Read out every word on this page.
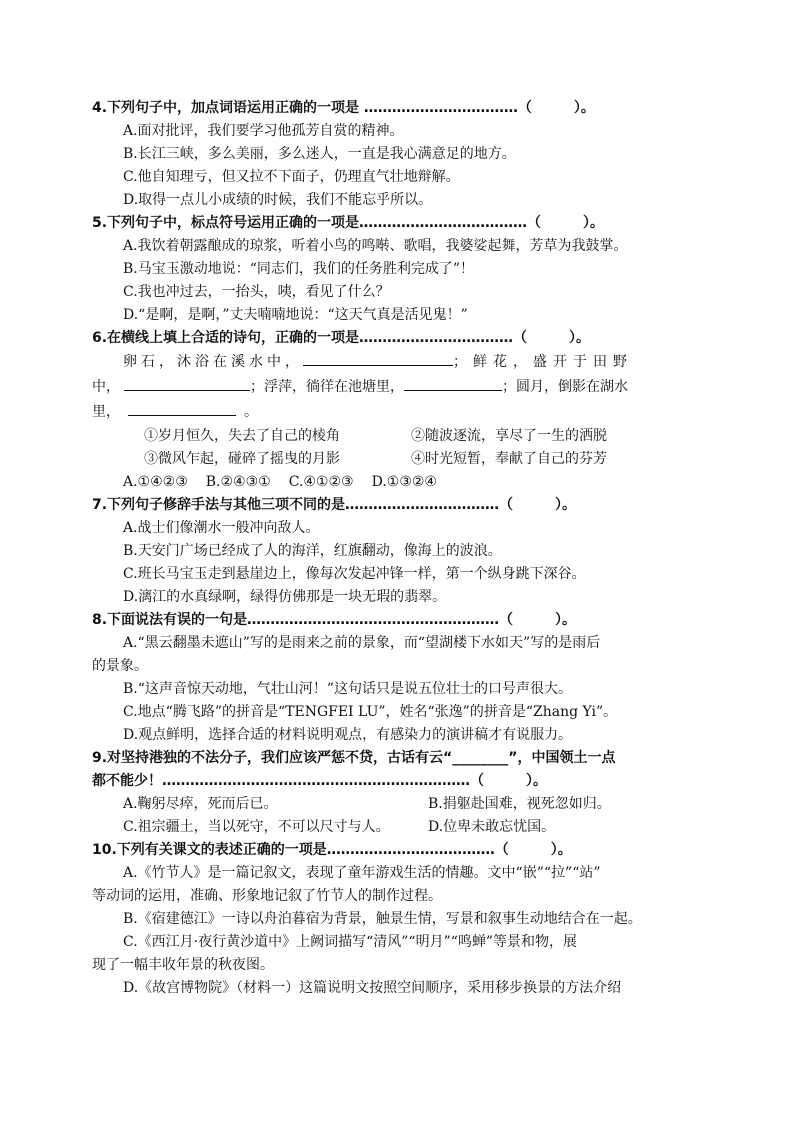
4.下列句子中，加点词语运用正确的一项是 ……………………………（　　　）。
A.面对批评，我们要学习他孤芳自赏的精神。
B.长江三峡，多么美丽，多么迷人，一直是我心满意足的地方。
C.他自知理亏，但又拉不下面子，仍理直气壮地辩解。
D.取得一点儿小成绩的时候，我们不能忘乎所以。
5.下列句子中，标点符号运用正确的一项是………………………………（　　　）。
A.我饮着朝露酿成的琼浆，听着小鸟的鸣啭、歌唱，我婆娑起舞，芳草为我鼓掌。
B.马宝玉激动地说：“同志们，我们的任务胜利完成了”！
C.我也冲过去，一抬头，咦，看见了什么？
D.“是啊，是啊，”丈夫喃喃地说：“这天气真是活见鬼！”
6.在横线上填上合适的诗句，正确的一项是……………………………（　　　）。
卵石，沐浴在溪水中，	；鲜花，盛开于田野
中，	；浮萍，徜徉在池塘里，	；圆月，倒影在湖水
里，	。
①岁月恒久，失去了自己的棱角	②随波逐流，享尽了一生的洒脱
③微风乍起，碰碎了摇曳的月影	④时光短暂，奉献了自己的芬芳
A.①④②③ B.②④③① C.④①②③ D.①③②④
7.下列句子修辞手法与其他三项不同的是……………………………（　　　）。
A.战士们像潮水一般冲向敌人。
B.天安门广场已经成了人的海洋，红旗翻动，像海上的波浪。
C.班长马宝玉走到悬崖边上，像每次发起冲锋一样，第一个纵身跳下深谷。
D.漓江的水真绿啊，绿得仿佛那是一块无瑕的翡翠。
8.下面说法有误的一句是………………………………………………（　　　）。
A.“黑云翻墨未遮山”写的是雨来之前的景象，而“望湖楼下水如天”写的是雨后
的景象。
B.“这声音惊天动地，气壮山河！”这句话只是说五位壮士的口号声很大。
C.地点“腾飞路”的拼音是“TENGFEI LU”，姓名“张逸”的拼音是“Zhang Yi”。
D.观点鲜明，选择合适的材料说明观点，有感染力的演讲稿才有说服力。
9.对坚持港独的不法分子，我们应该严惩不贷，古话有云“________”，中国领土一点
都不能少！…………………………………………………………（　　　）。
A.鞠躬尽瘁，死而后已。	B.捐躯赴国难，视死忽如归。
C.祖宗疆土，当以死守，不可以尺寸与人。	D.位卑未敢忘忧国。
10.下列有关课文的表述正确的一项是………………………………（　　　）。
A.《竹节人》是一篇记叙文，表现了童年游戏生活的情趣。文中“嵌”“拉”“站”
等动词的运用，准确、形象地记叙了竹节人的制作过程。
B.《宿建德江》一诗以舟泊暮宿为背景，触景生情，写景和叙事生动地结合在一起。
C.《西江月·夜行黄沙道中》上阙词描写“清风”“明月”“鸣蝉”等景和物，展
现了一幅丰收年景的秋夜图。
D.《故宫博物院》（材料一）这篇说明文按照空间顺序，采用移步换景的方法介绍
